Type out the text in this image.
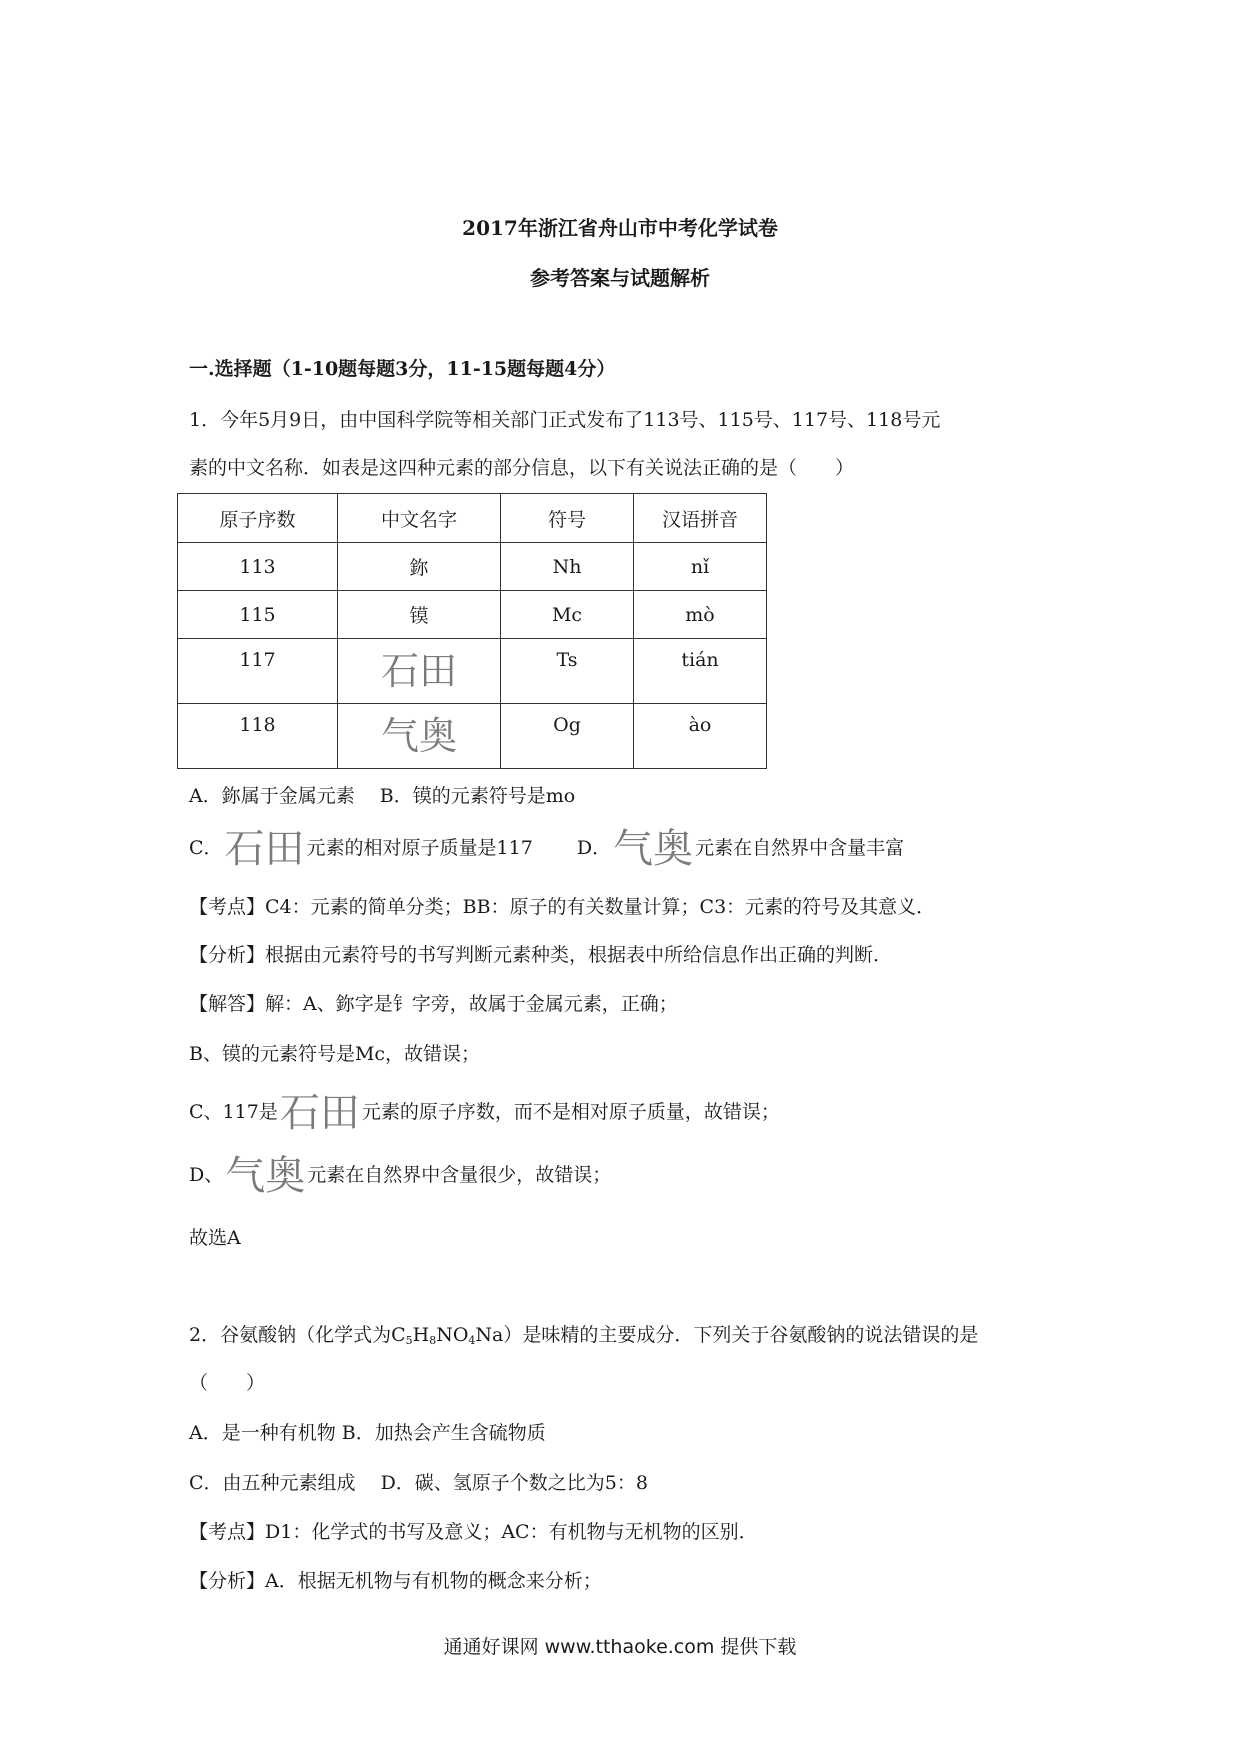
2017年浙江省舟山市中考化学试卷
参考答案与试题解析
一.选择题（1-10题每题3分，11-15题每题4分）
1．今年5月9日，由中国科学院等相关部门正式发布了113号、115号、117号、118号元
素的中文名称．如表是这四种元素的部分信息，以下有关说法正确的是（　　）
原子序数	中文名字	符号	汉语拼音
113	鉨	Nh	nǐ
115	镆	Mc	mò
117	石田	Ts	tián
118	气奥	Og	ào
A．鉨属于金属元素　 B．镆的元素符号是mo
C．石田 元素的相对原子质量是117　　 D．气奥 元素在自然界中含量丰富
【考点】C4：元素的简单分类；BB：原子的有关数量计算；C3：元素的符号及其意义．
【分析】根据由元素符号的书写判断元素种类，根据表中所给信息作出正确的判断．
【解答】解：A、鉨字是钅字旁，故属于金属元素，正确；
B、镆的元素符号是Mc，故错误；
C、117是石田 元素的原子序数，而不是相对原子质量，故错误；
D、气奥 元素在自然界中含量很少，故错误；
故选A
2．谷氨酸钠（化学式为$C_5H_8NO_4Na$）是味精的主要成分．下列关于谷氨酸钠的说法错误的是
（　　）
A．是一种有机物 B．加热会产生含硫物质
C．由五种元素组成　 D．碳、氢原子个数之比为5：8
【考点】D1：化学式的书写及意义；AC：有机物与无机物的区别．
【分析】A．根据无机物与有机物的概念来分析；
通通好课网 www.tthaoke.com 提供下载
